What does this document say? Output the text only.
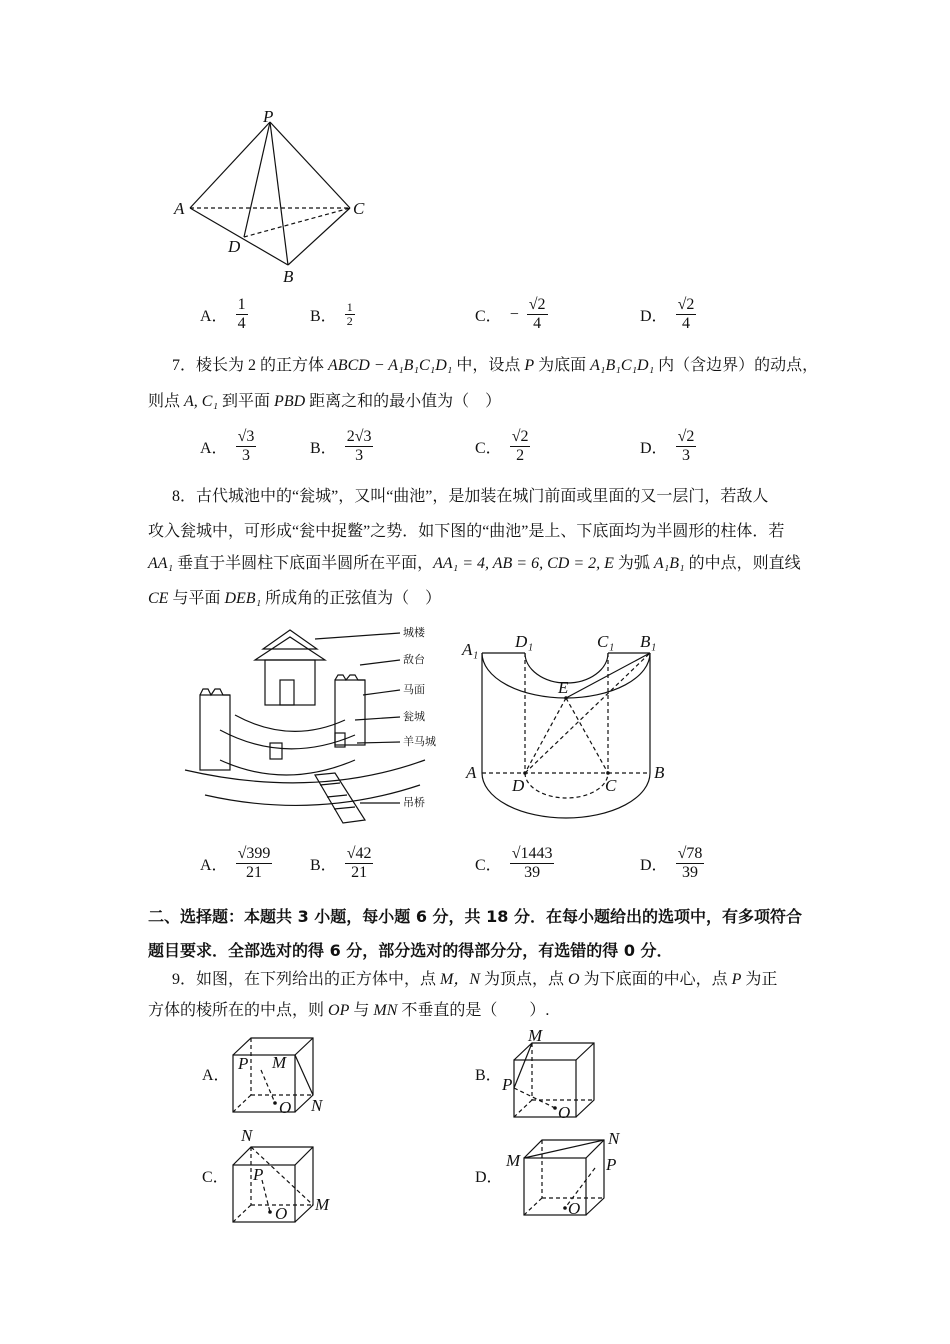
P
A	C
D
B
A． $\frac{1}{4}$	B． $\frac{1}{2}$	C． − $\frac{√2}{4}$	D． $\frac{√2}{4}$
7．棱长为 2 的正方体 ABCD − A₁B₁C₁D₁ 中，设点 P 为底面 A₁B₁C₁D₁ 内（含边界）的动点，
则点 A, C₁ 到平面 PBD 距离之和的最小值为（　）
A． $\frac{√3}{3}$	B． $\frac{2√3}{3}$	C． $\frac{√2}{2}$	D． $\frac{√2}{3}$
8．古代城池中的“瓮城”，又叫“曲池”，是加装在城门前面或里面的又一层门，若敌人
攻入瓮城中，可形成“瓮中捉鳖”之势．如下图的“曲池”是上、下底面均为半圆形的柱体．若
AA₁ 垂直于半圆柱下底面半圆所在平面，AA₁ = 4, AB = 6, CD = 2, E 为弧 A₁B₁ 的中点，则直线
CE 与平面 DEB₁ 所成角的正弦值为（　）
城楼
敌台
马面
瓮城
羊马城
吊桥
A₁ D₁	C₁ B₁
E
A	B
D	C
A． $\frac{√399}{21}$ B． $\frac{√42}{21}$	C． $\frac{√1443}{39}$	D． $\frac{√78}{39}$
二、选择题：本题共 3 小题，每小题 6 分，共 18 分．在每小题给出的选项中，有多项符合
题目要求．全部选对的得 6 分，部分选对的得部分分，有选错的得 0 分．
9．如图，在下列给出的正方体中，点 M，N 为顶点，点 O 为下底面的中心，点 P 为正
方体的棱所在的中点，则 OP 与 MN 不垂直的是（　　）.
A．
P M
O N
B．
M
P
O
C．
N
P
M
O
D．
M
N
P
O
